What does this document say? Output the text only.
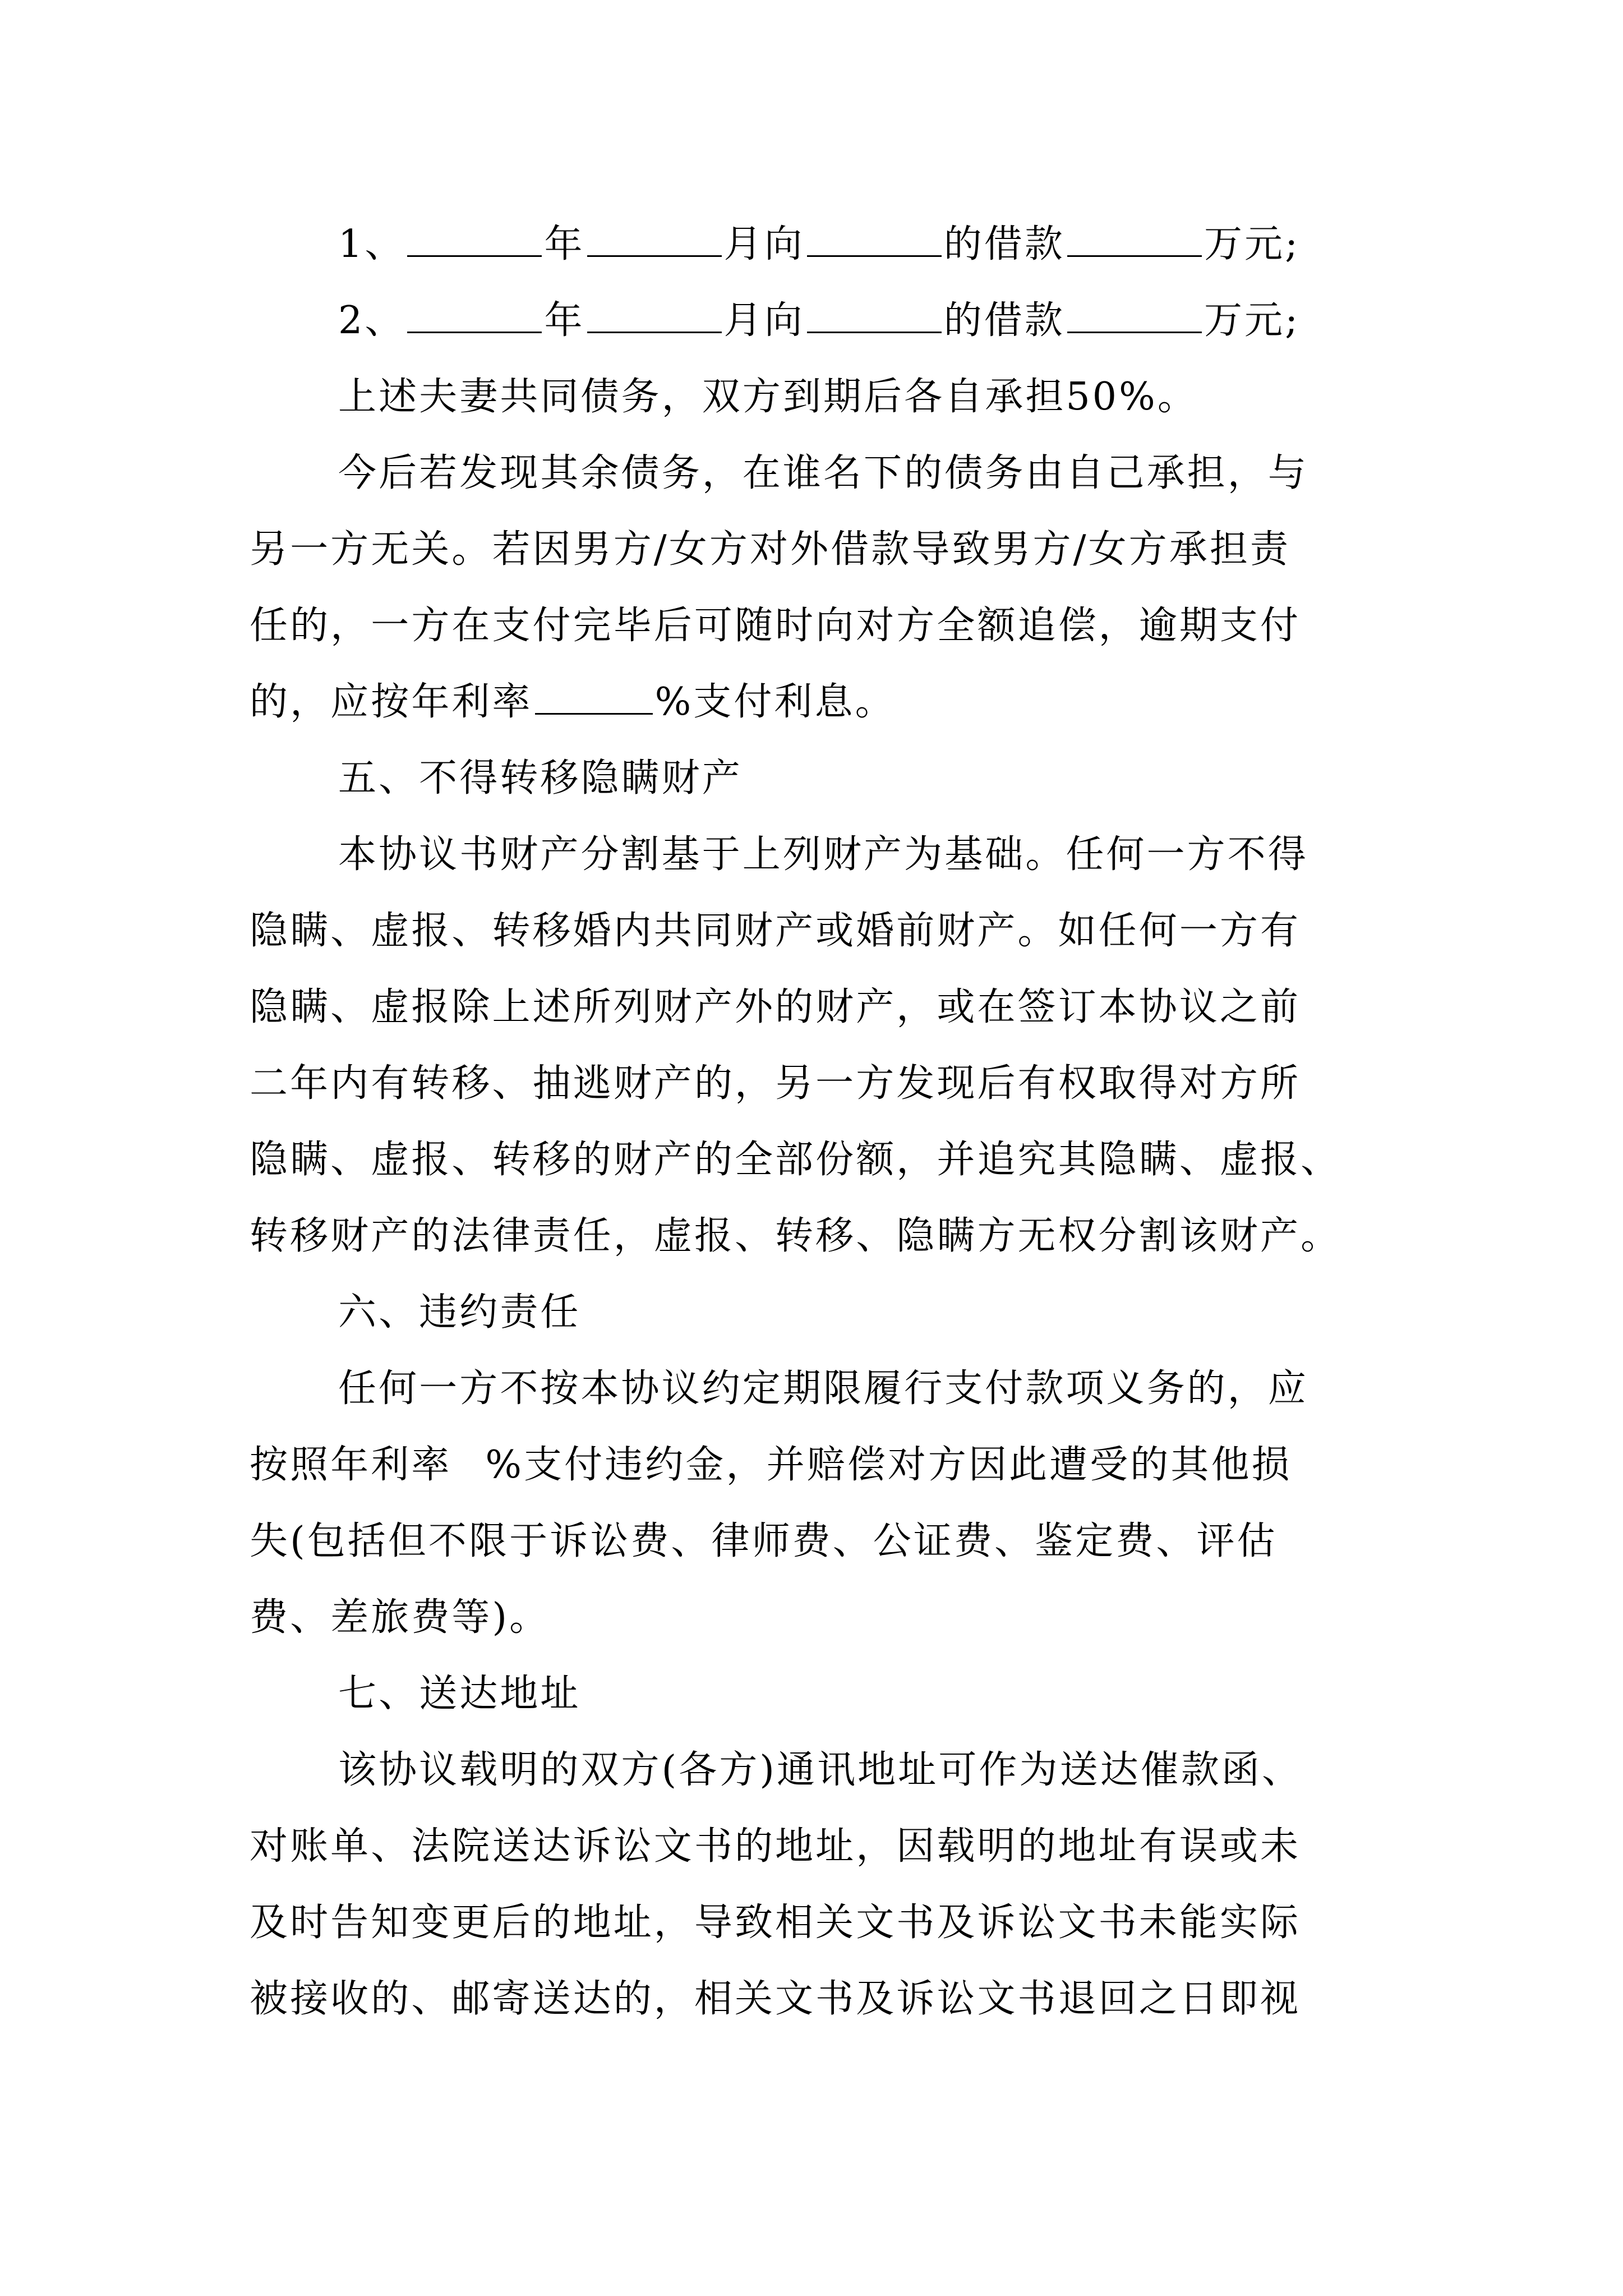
1、	年	月向	的借款	万元;

2、	年	月向	的借款	万元;

上述夫妻共同债务，双方到期后各自承担50%。

今后若发现其余债务，在谁名下的债务由自己承担，与

另一方无关。若因男方/女方对外借款导致男方/女方承担责

任的，一方在支付完毕后可随时向对方全额追偿，逾期支付

的，应按年利率	%支付利息。

五、不得转移隐瞒财产

本协议书财产分割基于上列财产为基础。任何一方不得

隐瞒、虚报、转移婚内共同财产或婚前财产。如任何一方有

隐瞒、虚报除上述所列财产外的财产，或在签订本协议之前

二年内有转移、抽逃财产的，另一方发现后有权取得对方所

隐瞒、虚报、转移的财产的全部份额，并追究其隐瞒、虚报、

转移财产的法律责任，虚报、转移、隐瞒方无权分割该财产。

六、违约责任

任何一方不按本协议约定期限履行支付款项义务的，应

按照年利率 %支付违约金，并赔偿对方因此遭受的其他损

失(包括但不限于诉讼费、律师费、公证费、鉴定费、评估

费、差旅费等)。

七、送达地址

该协议载明的双方(各方)通讯地址可作为送达催款函、

对账单、法院送达诉讼文书的地址，因载明的地址有误或未

及时告知变更后的地址，导致相关文书及诉讼文书未能实际

被接收的、邮寄送达的，相关文书及诉讼文书退回之日即视
